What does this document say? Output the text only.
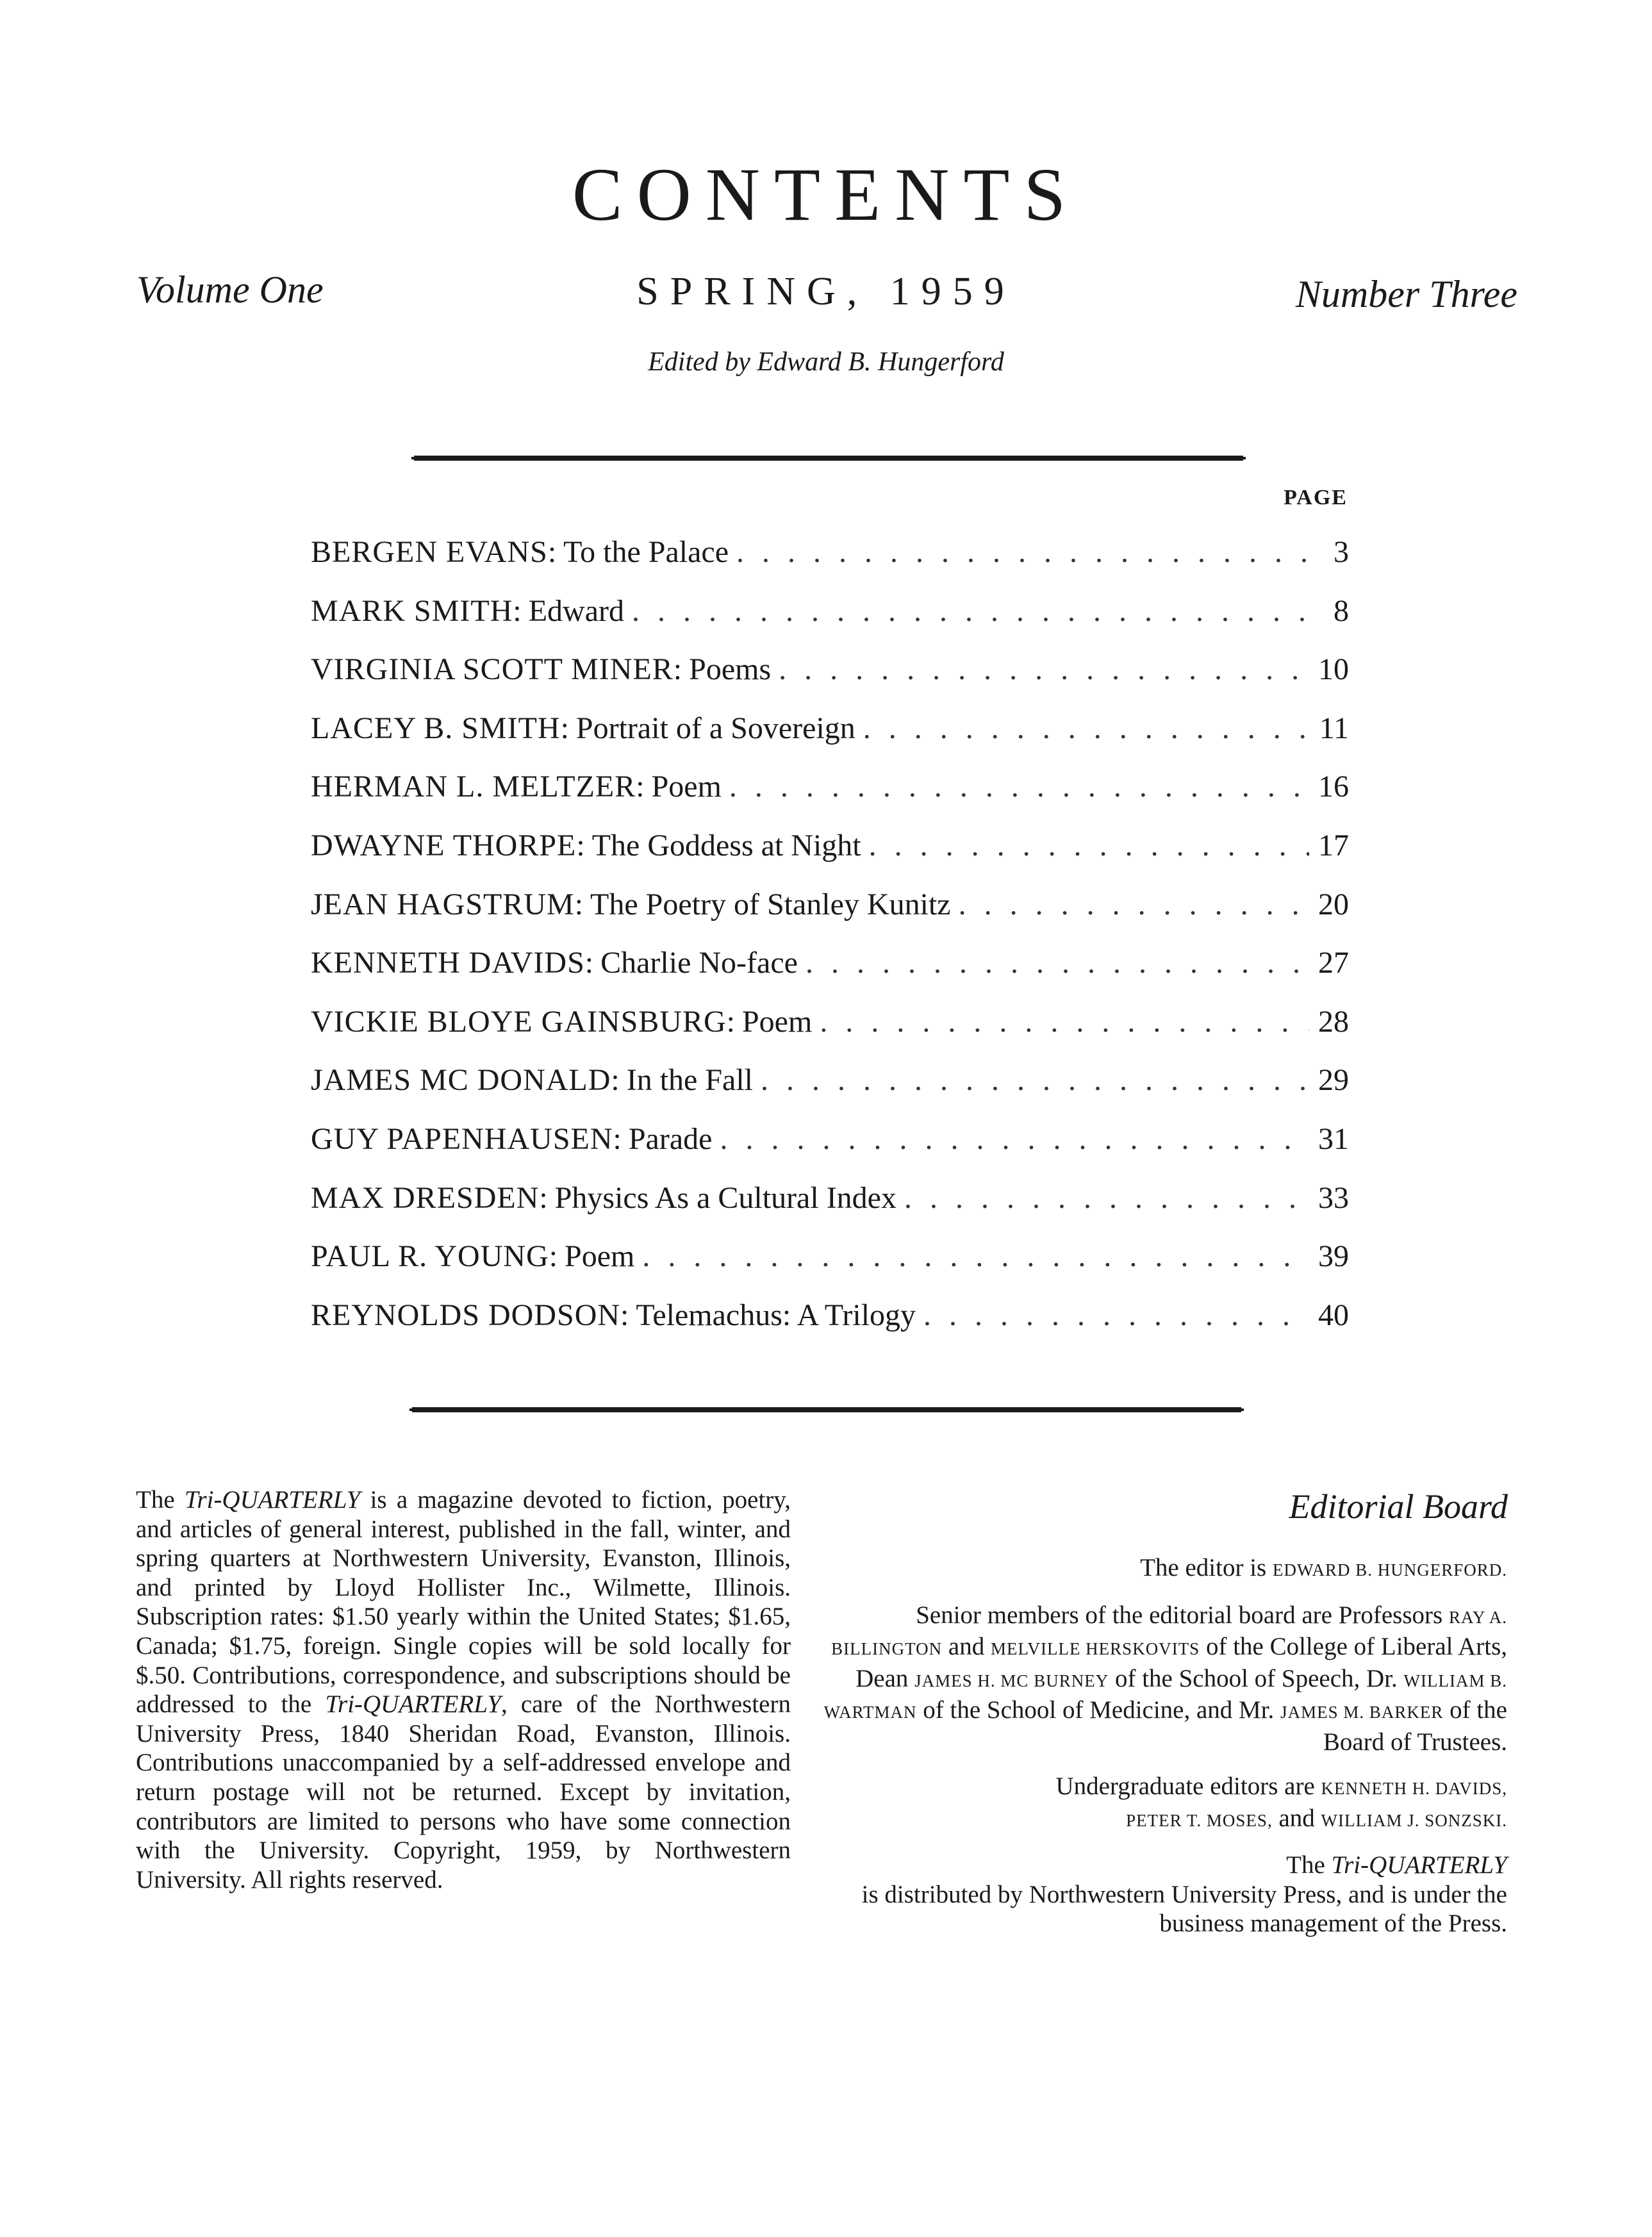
CONTENTS
Volume One	SPRING, 1959	Number Three
Edited by Edward B. Hungerford
PAGE
BERGEN EVANS: To the Palace . . .	3
MARK SMITH: Edward . . .	8
VIRGINIA SCOTT MINER: Poems . . .	10
LACEY B. SMITH: Portrait of a Sovereign . . .	11
HERMAN L. MELTZER: Poem . . .	16
DWAYNE THORPE: The Goddess at Night . . .	17
JEAN HAGSTRUM: The Poetry of Stanley Kunitz . . .	20
KENNETH DAVIDS: Charlie No-face . . .	27
VICKIE BLOYE GAINSBURG: Poem . . .	28
JAMES MC DONALD: In the Fall . . .	29
GUY PAPENHAUSEN: Parade . . .	31
MAX DRESDEN: Physics As a Cultural Index . . .	33
PAUL R. YOUNG: Poem . . .	39
REYNOLDS DODSON: Telemachus: A Trilogy . . .	40
The Tri-QUARTERLY is a magazine devoted to fiction, poetry, and articles of general interest, published in the fall, winter, and spring quarters at Northwestern University, Evanston, Illinois, and printed by Lloyd Hollister Inc., Wilmette, Illinois. Subscription rates: $1.50 yearly within the United States; $1.65, Canada; $1.75, foreign. Single copies will be sold locally for $.50. Contributions, correspondence, and subscriptions should be addressed to the Tri-QUARTERLY, care of the Northwestern University Press, 1840 Sheridan Road, Evanston, Illinois. Contributions unaccompanied by a self-addressed envelope and return postage will not be returned. Except by invitation, contributors are limited to persons who have some connection with the University. Copyright, 1959, by Northwestern University. All rights reserved.
Editorial Board

The editor is EDWARD B. HUNGERFORD.

Senior members of the editorial board are Professors RAY A. BILLINGTON and MELVILLE HERSKOVITS of the College of Liberal Arts, Dean JAMES H. MC BURNEY of the School of Speech, Dr. WILLIAM B. WARTMAN of the School of Medicine, and Mr. JAMES M. BARKER of the Board of Trustees.

Undergraduate editors are KENNETH H. DAVIDS,
PETER T. MOSES, and WILLIAM J. SONZSKI.

The Tri-QUARTERLY
is distributed by Northwestern University Press, and is under the business management of the Press.
